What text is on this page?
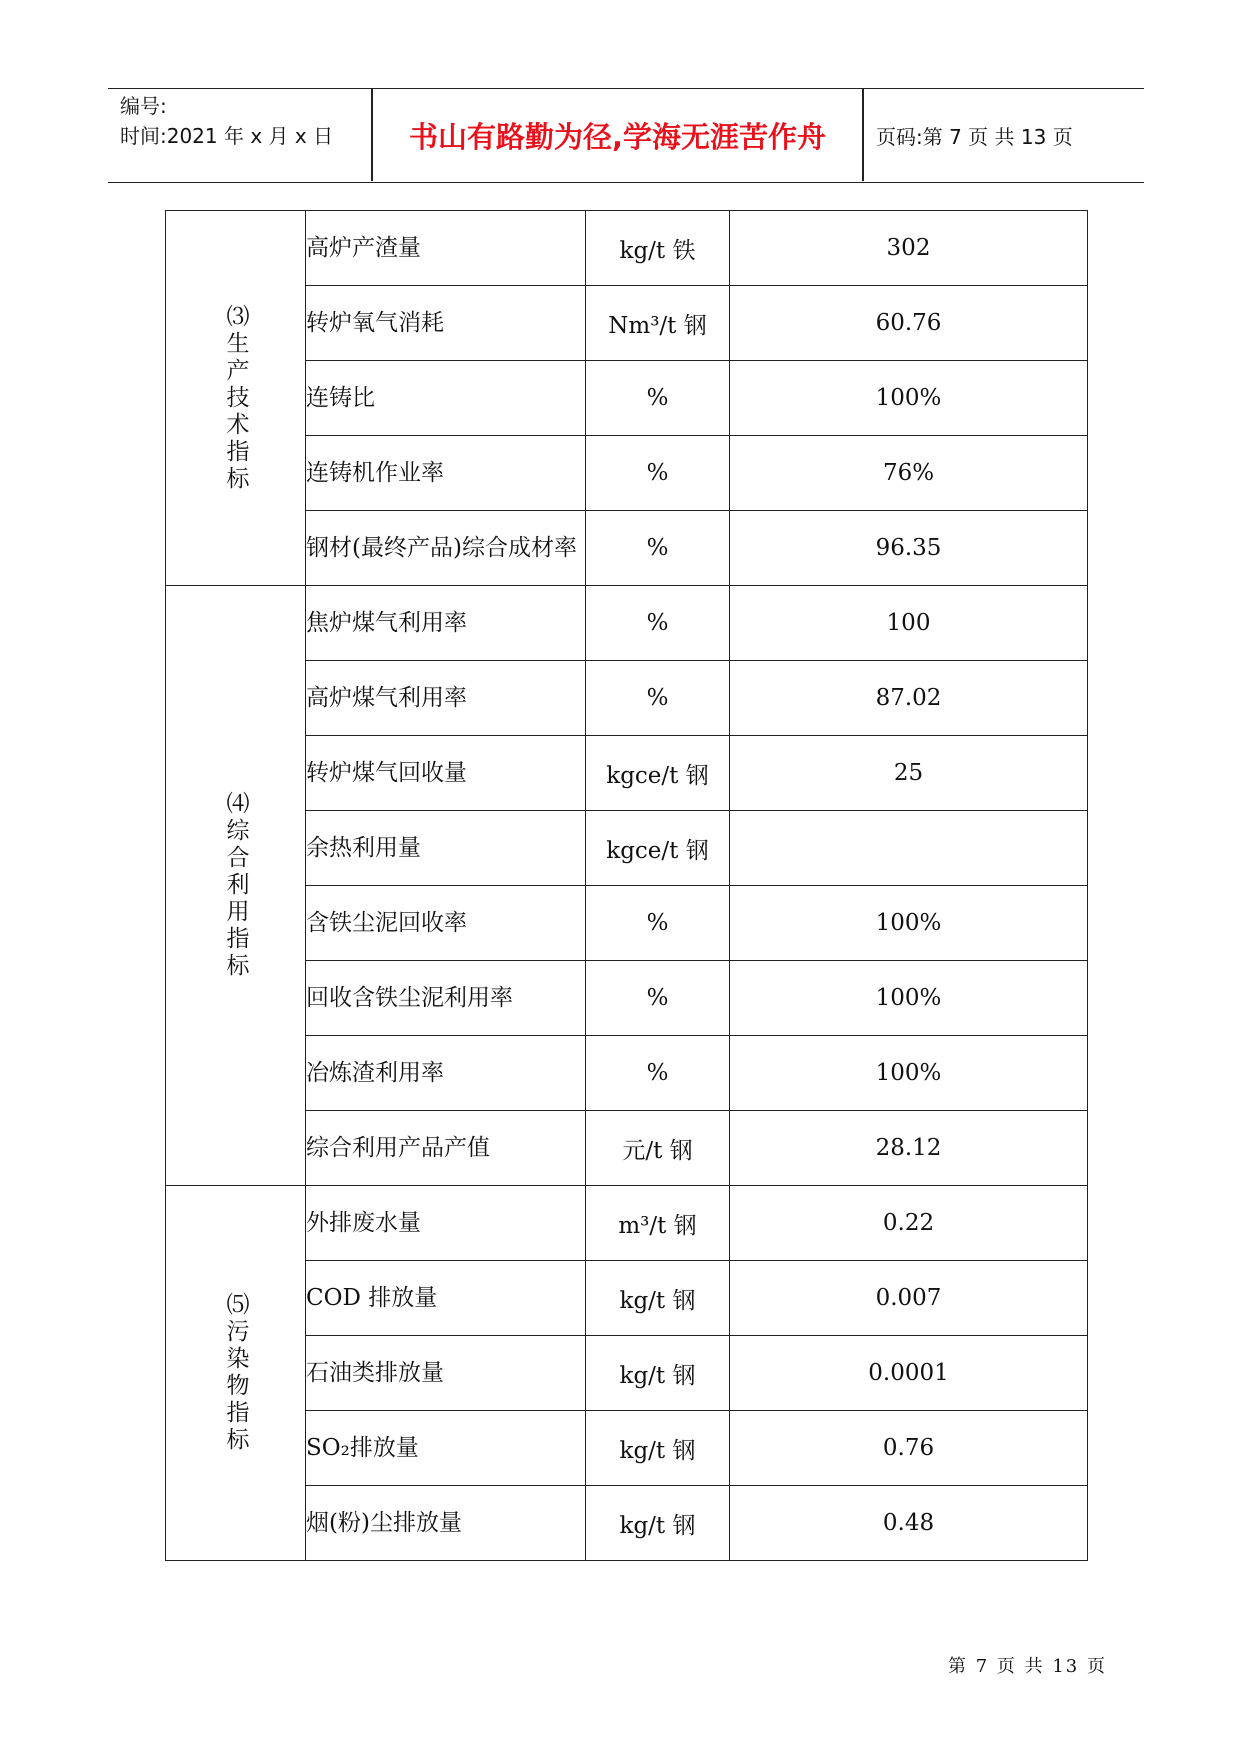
编号:
时间:2021 年 x 月 x 日	书山有路勤为径,学海无涯苦作舟	页码:第 7 页 共 13 页
⑶生产技术指标	高炉产渣量	kg/t 铁	302
	转炉氧气消耗	Nm³/t 钢	60.76
	连铸比	%	100%
	连铸机作业率	%	76%
	钢材(最终产品)综合成材率	%	96.35
⑷综合利用指标	焦炉煤气利用率	%	100
	高炉煤气利用率	%	87.02
	转炉煤气回收量	kgce/t 钢	25
	余热利用量	kgce/t 钢	
	含铁尘泥回收率	%	100%
	回收含铁尘泥利用率	%	100%
	冶炼渣利用率	%	100%
	综合利用产品产值	元/t 钢	28.12
⑸污染物指标	外排废水量	m³/t 钢	0.22
	COD 排放量	kg/t 钢	0.007
	石油类排放量	kg/t 钢	0.0001
	SO₂排放量	kg/t 钢	0.76
	烟(粉)尘排放量	kg/t 钢	0.48
第 7 页 共 13 页
